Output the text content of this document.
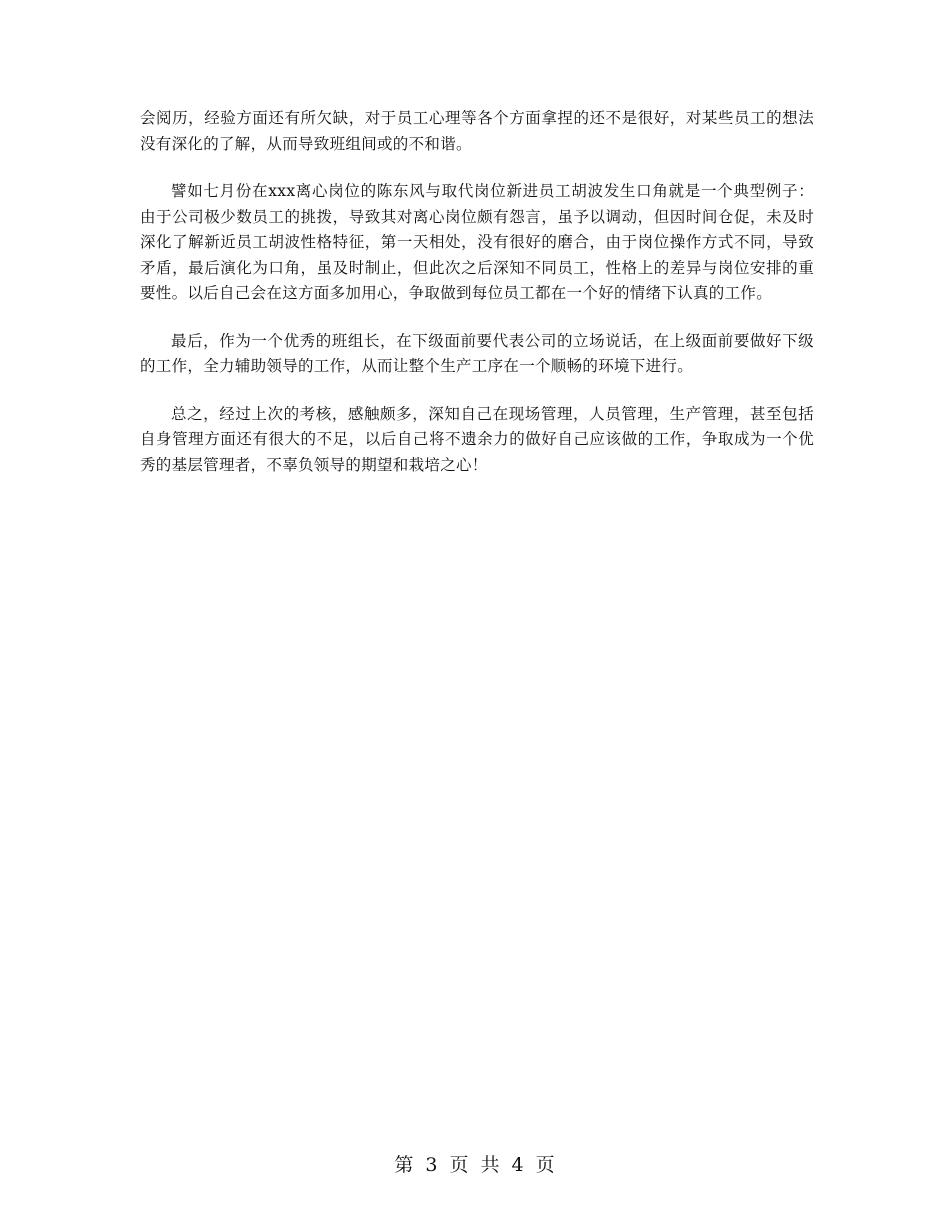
会阅历，经验方面还有所欠缺，对于员工心理等各个方面拿捏的还不是很好，对某些员工的想法没有深化的了解，从而导致班组间或的不和谐。

譬如七月份在xxx离心岗位的陈东风与取代岗位新进员工胡波发生口角就是一个典型例子：由于公司极少数员工的挑拨，导致其对离心岗位颇有怨言，虽予以调动，但因时间仓促，未及时深化了解新近员工胡波性格特征，第一天相处，没有很好的磨合，由于岗位操作方式不同，导致矛盾，最后演化为口角，虽及时制止，但此次之后深知不同员工，性格上的差异与岗位安排的重要性。以后自己会在这方面多加用心，争取做到每位员工都在一个好的情绪下认真的工作。

最后，作为一个优秀的班组长，在下级面前要代表公司的立场说话，在上级面前要做好下级的工作，全力辅助领导的工作，从而让整个生产工序在一个顺畅的环境下进行。

总之，经过上次的考核，感触颇多，深知自己在现场管理，人员管理，生产管理，甚至包括自身管理方面还有很大的不足，以后自己将不遗余力的做好自己应该做的工作，争取成为一个优秀的基层管理者，不辜负领导的期望和栽培之心！

第 3 页 共 4 页
